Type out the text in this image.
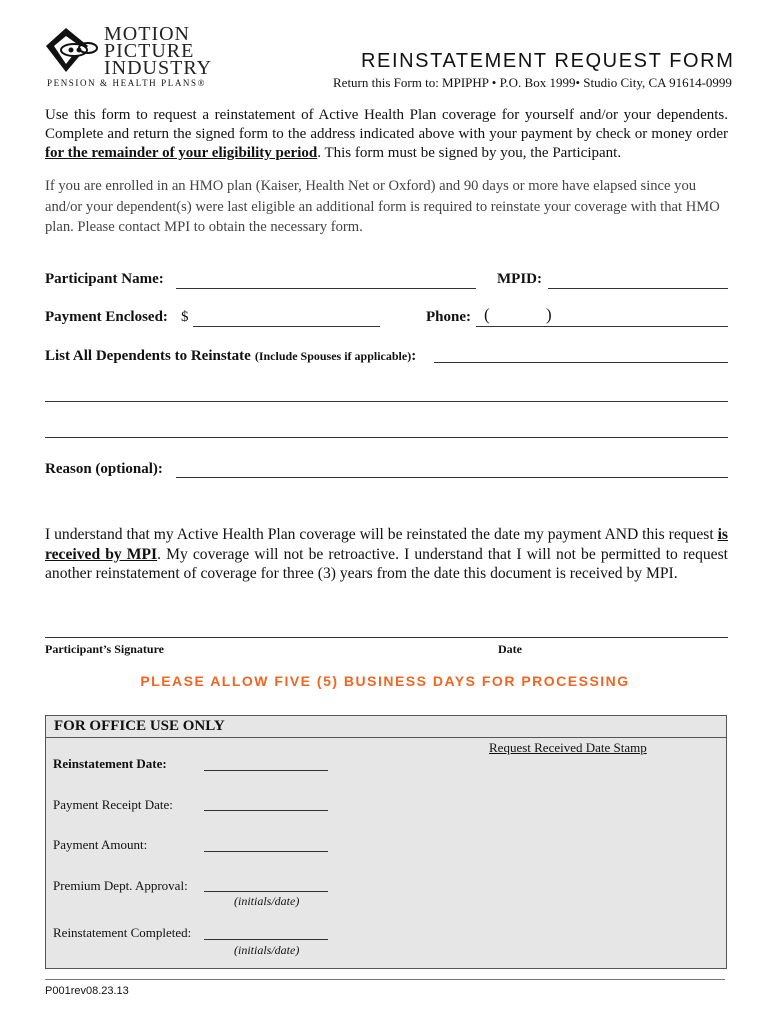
MOTION
PICTURE
INDUSTRY
PENSION & HEALTH PLANS®
REINSTATEMENT REQUEST FORM
Return this Form to: MPIPHP • P.O. Box 1999• Studio City, CA 91614-0999
Use this form to request a reinstatement of Active Health Plan coverage for yourself and/or your dependents. Complete and return the signed form to the address indicated above with your payment by check or money order for the remainder of your eligibility period. This form must be signed by you, the Participant.
If you are enrolled in an HMO plan (Kaiser, Health Net or Oxford) and 90 days or more have elapsed since you and/or your dependent(s) were last eligible an additional form is required to reinstate your coverage with that HMO plan. Please contact MPI to obtain the necessary form.
Participant Name:	MPID:
Payment Enclosed: $	Phone: (	)
List All Dependents to Reinstate (Include Spouses if applicable):
Reason (optional):
I understand that my Active Health Plan coverage will be reinstated the date my payment AND this request is received by MPI. My coverage will not be retroactive. I understand that I will not be permitted to request another reinstatement of coverage for three (3) years from the date this document is received by MPI.
Participant’s Signature	Date
PLEASE ALLOW FIVE (5) BUSINESS DAYS FOR PROCESSING
FOR OFFICE USE ONLY
Request Received Date Stamp
Reinstatement Date:
Payment Receipt Date:
Payment Amount:
Premium Dept. Approval:
(initials/date)
Reinstatement Completed:
(initials/date)
P001rev08.23.13
